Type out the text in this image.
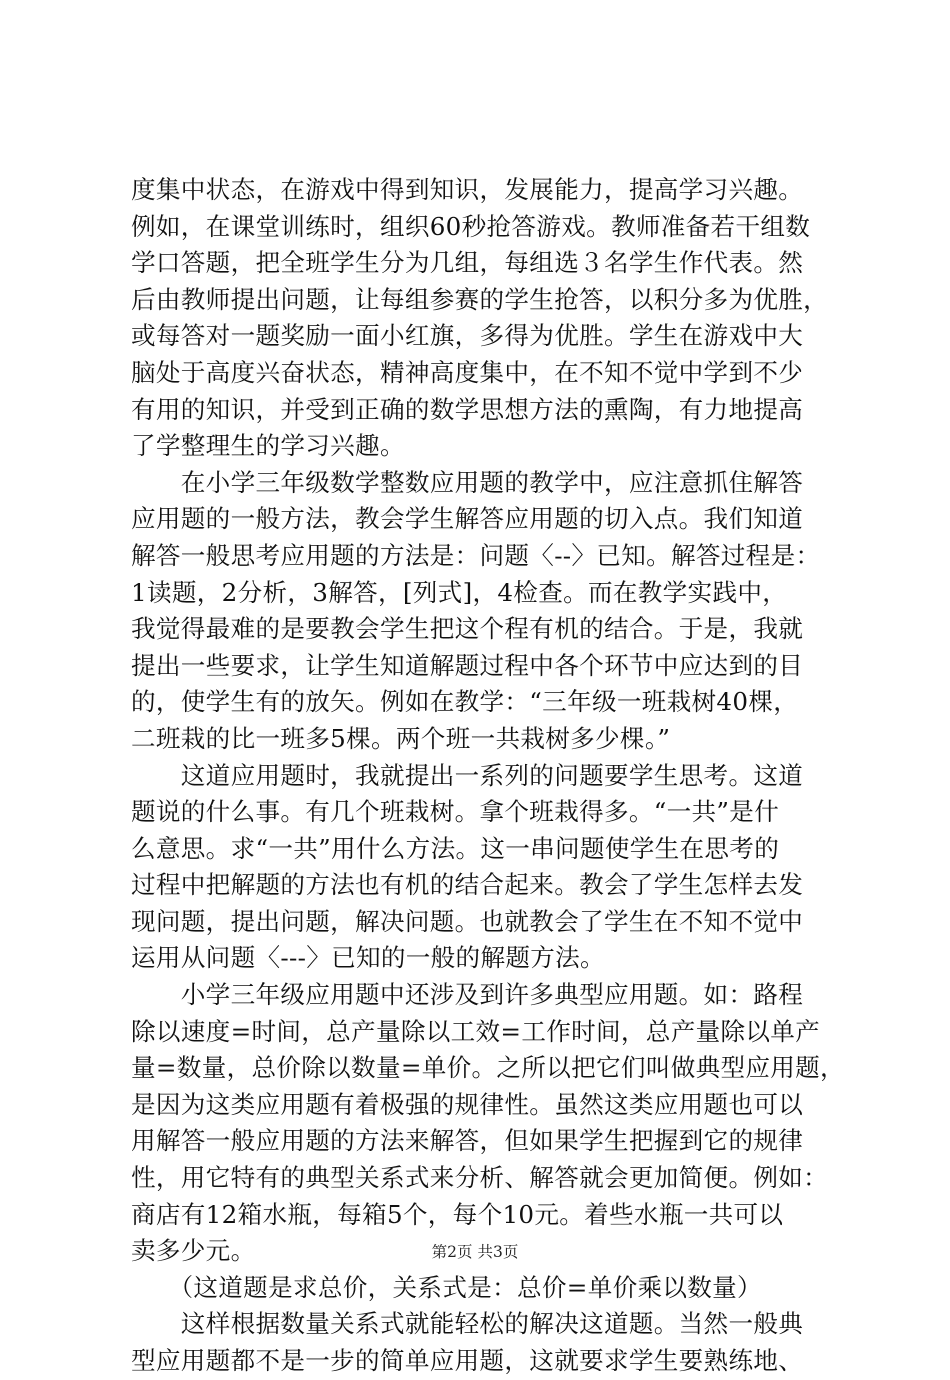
度集中状态，在游戏中得到知识，发展能力，提高学习兴趣。
例如，在课堂训练时，组织60秒抢答游戏。教师准备若干组数
学口答题，把全班学生分为几组，每组选３名学生作代表。然
后由教师提出问题，让每组参赛的学生抢答，以积分多为优胜，
或每答对一题奖励一面小红旗，多得为优胜。学生在游戏中大
脑处于高度兴奋状态，精神高度集中，在不知不觉中学到不少
有用的知识，并受到正确的数学思想方法的熏陶，有力地提高
了学整理生的学习兴趣。
　　在小学三年级数学整数应用题的教学中，应注意抓住解答
应用题的一般方法，教会学生解答应用题的切入点。我们知道
解答一般思考应用题的方法是：问题〈--〉已知。解答过程是：
1读题，2分析，3解答，[列式]，4检查。而在教学实践中，
我觉得最难的是要教会学生把这个程有机的结合。于是，我就
提出一些要求，让学生知道解题过程中各个环节中应达到的目
的，使学生有的放矢。例如在教学：“三年级一班栽树40棵，
二班栽的比一班多5棵。两个班一共栽树多少棵。”
　　这道应用题时，我就提出一系列的问题要学生思考。这道
题说的什么事。有几个班栽树。拿个班栽得多。“一共”是什
么意思。求“一共”用什么方法。这一串问题使学生在思考的
过程中把解题的方法也有机的结合起来。教会了学生怎样去发
现问题，提出问题，解决问题。也就教会了学生在不知不觉中
运用从问题〈---〉已知的一般的解题方法。
　　小学三年级应用题中还涉及到许多典型应用题。如：路程
除以速度=时间，总产量除以工效=工作时间，总产量除以单产
量=数量，总价除以数量=单价。之所以把它们叫做典型应用题，
是因为这类应用题有着极强的规律性。虽然这类应用题也可以
用解答一般应用题的方法来解答，但如果学生把握到它的规律
性，用它特有的典型关系式来分析、解答就会更加简便。例如：
商店有12箱水瓶，每箱5个，每个10元。着些水瓶一共可以
卖多少元。
　　（这道题是求总价，关系式是：总价=单价乘以数量）
　　这样根据数量关系式就能轻松的解决这道题。当然一般典
型应用题都不是一步的简单应用题，这就要求学生要熟练地、
第2页 共3页
